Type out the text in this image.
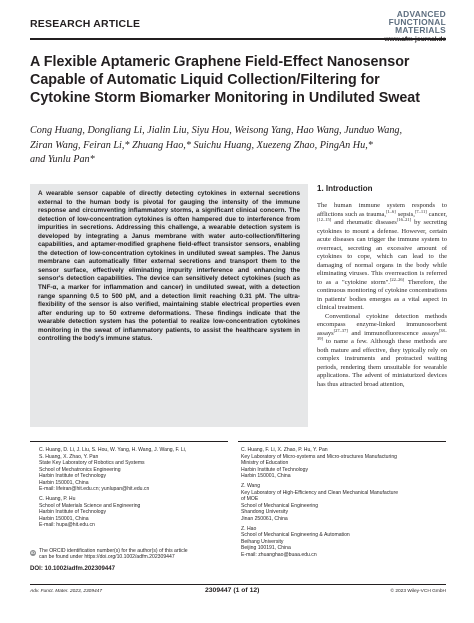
RESEARCH ARTICLE
ADVANCED
FUNCTIONAL
MATERIALS
A Flexible Aptameric Graphene Field-Effect Nanosensor
Capable of Automatic Liquid Collection/Filtering for
Cytokine Storm Biomarker Monitoring in Undiluted Sweat
Cong Huang, Dongliang Li, Jialin Liu, Siyu Hou, Weisong Yang, Hao Wang, Junduo Wang,
Ziran Wang, Feiran Li,* Zhuang Hao,* Suichu Huang, Xuezeng Zhao, PingAn Hu,*
and Yunlu Pan*

A wearable sensor capable of directly detecting cytokines in external secretions external to the human body is pivotal for gauging the intensity of the immune response and circumventing inflammatory storms, a significant clinical concern. The detection of low-concentration cytokines is often hampered due to interference from impurities in secretions. Addressing this challenge, a wearable detection system is developed by integrating a Janus membrane with water auto-collection/filtering capabilities, and aptamer-modified graphene field-effect transistor sensors, enabling the detection of low-concentration cytokines in undiluted sweat samples. The Janus membrane can automatically filter external secretions and transport them to the sensor surface, effectively eliminating impurity interference and enhancing the sensor's detection capabilities. The device can sensitively detect cytokines (such as TNF-α, a marker for inflammation and cancer) in undiluted sweat, with a detection range spanning 0.5 to 500 pM, and a detection limit reaching 0.31 pM. The ultra-flexibility of the sensor is also verified, maintaining stable electrical properties even after enduring up to 50 extreme deformations. These findings indicate that the wearable detection system has the potential to realize low-concentration cytokines monitoring in the sweat of inflammatory patients, to assist the healthcare system in controlling the body's immune status.

1. Introduction

The human immune system responds to afflictions such as trauma,[1–6] sepsis,[7–11] cancer,[12–15] and rheumatic diseases[16–21] by secreting cytokines to mount a defense. However, certain acute diseases can trigger the immune system to overreact, secreting an excessive amount of cytokines to cope, which can lead to the damaging of normal organs in the body while eliminating viruses. This overreaction is referred to as a "cytokine storm".[22–26] Therefore, the continuous monitoring of cytokine concentrations in patients' bodies emerges as a vital aspect in clinical treatment.

Conventional cytokine detection methods encompass enzyme-linked immunosorbent assays[27–37] and immunofluorescence assays[38–39] to name a few. Although these methods are both mature and effective, they typically rely on complex instruments and protracted waiting periods, rendering them unsuitable for wearable applications. The advent of miniaturized devices has thus attracted broad attention,

C. Huang, D. Li, J. Liu, S. Hou, W. Yang, H. Wang, J. Wang, F. Li,
S. Huang, X. Zhao, Y. Pan
State Key Laboratory of Robotics and Systems
School of Mechatronics Engineering
Harbin Institute of Technology
Harbin 150001, China
E-mail: lifeiran@hit.edu.cn; yunlupan@hit.edu.cn
C. Huang, P. Hu
School of Materials Science and Engineering
Harbin Institute of Technology
Harbin 150001, China
E-mail: hupa@hit.edu.cn
C. Huang, F. Li, X. Zhao, P. Hu, Y. Pan
Key Laboratory of Micro-systems and Micro-structures Manufacturing
Ministry of Education
Harbin Institute of Technology
Harbin 150001, China
Z. Wang
Key Laboratory of High-Efficiency and Clean Mechanical Manufacture
of MOE
School of Mechanical Engineering
Shandong University
Jinan 250061, China
Z. Hao
School of Mechanical Engineering & Automation
Beihang University
Beijing 100191, China
E-mail: zhuanghao@buaa.edu.cn
iD The ORCID identification number(s) for the author(s) of this article
can be found under https://doi.org/10.1002/adfm.202309447
DOI: 10.1002/adfm.202309447
Adv. Funct. Mater. 2023, 2309447	2309447 (1 of 12)	© 2023 Wiley-VCH GmbH
